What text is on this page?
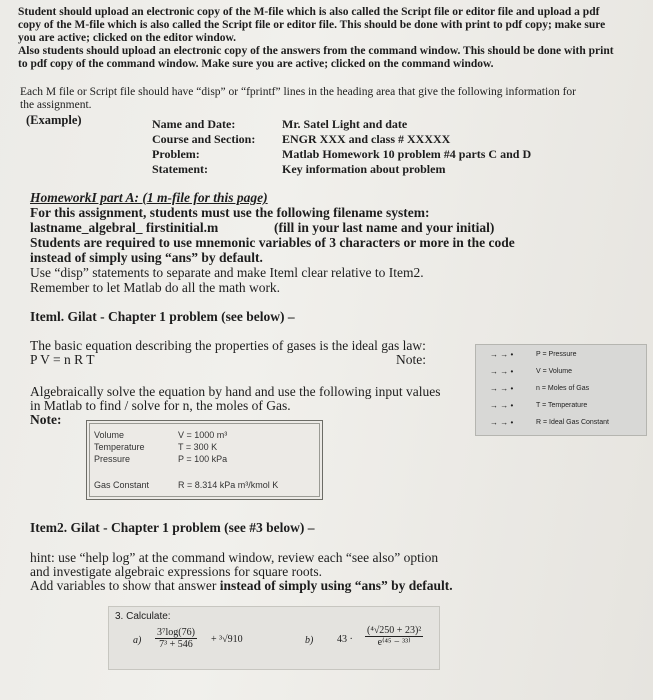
Student should upload an electronic copy of the M-file which is also called the Script file or editor file and upload a pdf
copy of the M-file which is also called the Script file or editor file. This should be done with print to pdf copy; make sure
you are active; clicked on the editor window.
Also students should upload an electronic copy of the answers from the command window. This should be done with print
to pdf copy of the command window. Make sure you are active; clicked on the command window.
Each M file or Script file should have “disp” or “fprintf” lines in the heading area that give the following information for
the assignment.
(Example)	Name and Date:	Mr. Satel Light and date
Course and Section: ENGR XXX and class # XXXXX
Problem:	Matlab Homework 10 problem #4 parts C and D
Statement:	Key information about problem
HomeworkI part A: (1 m-file for this page)
For this assignment, students must use the following filename system:
lastname_algebral_ firstinitial.m	(fill in your last name and your initial)
Students are required to use mnemonic variables of 3 characters or more in the code
instead of simply using “ans” by default.
Use “disp” statements to separate and make Iteml clear relative to Item2.
Remember to let Matlab do all the math work.
Iteml. Gilat - Chapter 1 problem (see below) –
The basic equation describing the properties of gases is the ideal gas law:
P V = n R T	Note:
Algebraically solve the equation by hand and use the following input values
in Matlab to find / solve for n, the moles of Gas.
Note:
→ → •	P = Pressure
→ → •	V = Volume
→ → •	n = Moles of Gas
→ → •	T = Temperature
→ → •	R = Ideal Gas Constant
Volume	V = 1000 m³
Temperature	T = 300 K
Pressure	P = 100 kPa
Gas Constant	R = 8.314 kPa m³/kmol K
Item2. Gilat - Chapter 1 problem (see #3 below) –
hint: use “help log” at the command window, review each “see also” option
and investigate algebraic expressions for square roots.
Add variables to show that answer instead of simply using “ans” by default.
3. Calculate:
$a) \frac{\text{3⁷log(76)}}{\text{7³ + 546}} + ^3√910$	b) $43 \cdot \frac{\text{(⁴√250 + 23)²}}{\text{e⁽⁴⁵ − ³³⁾}}$
